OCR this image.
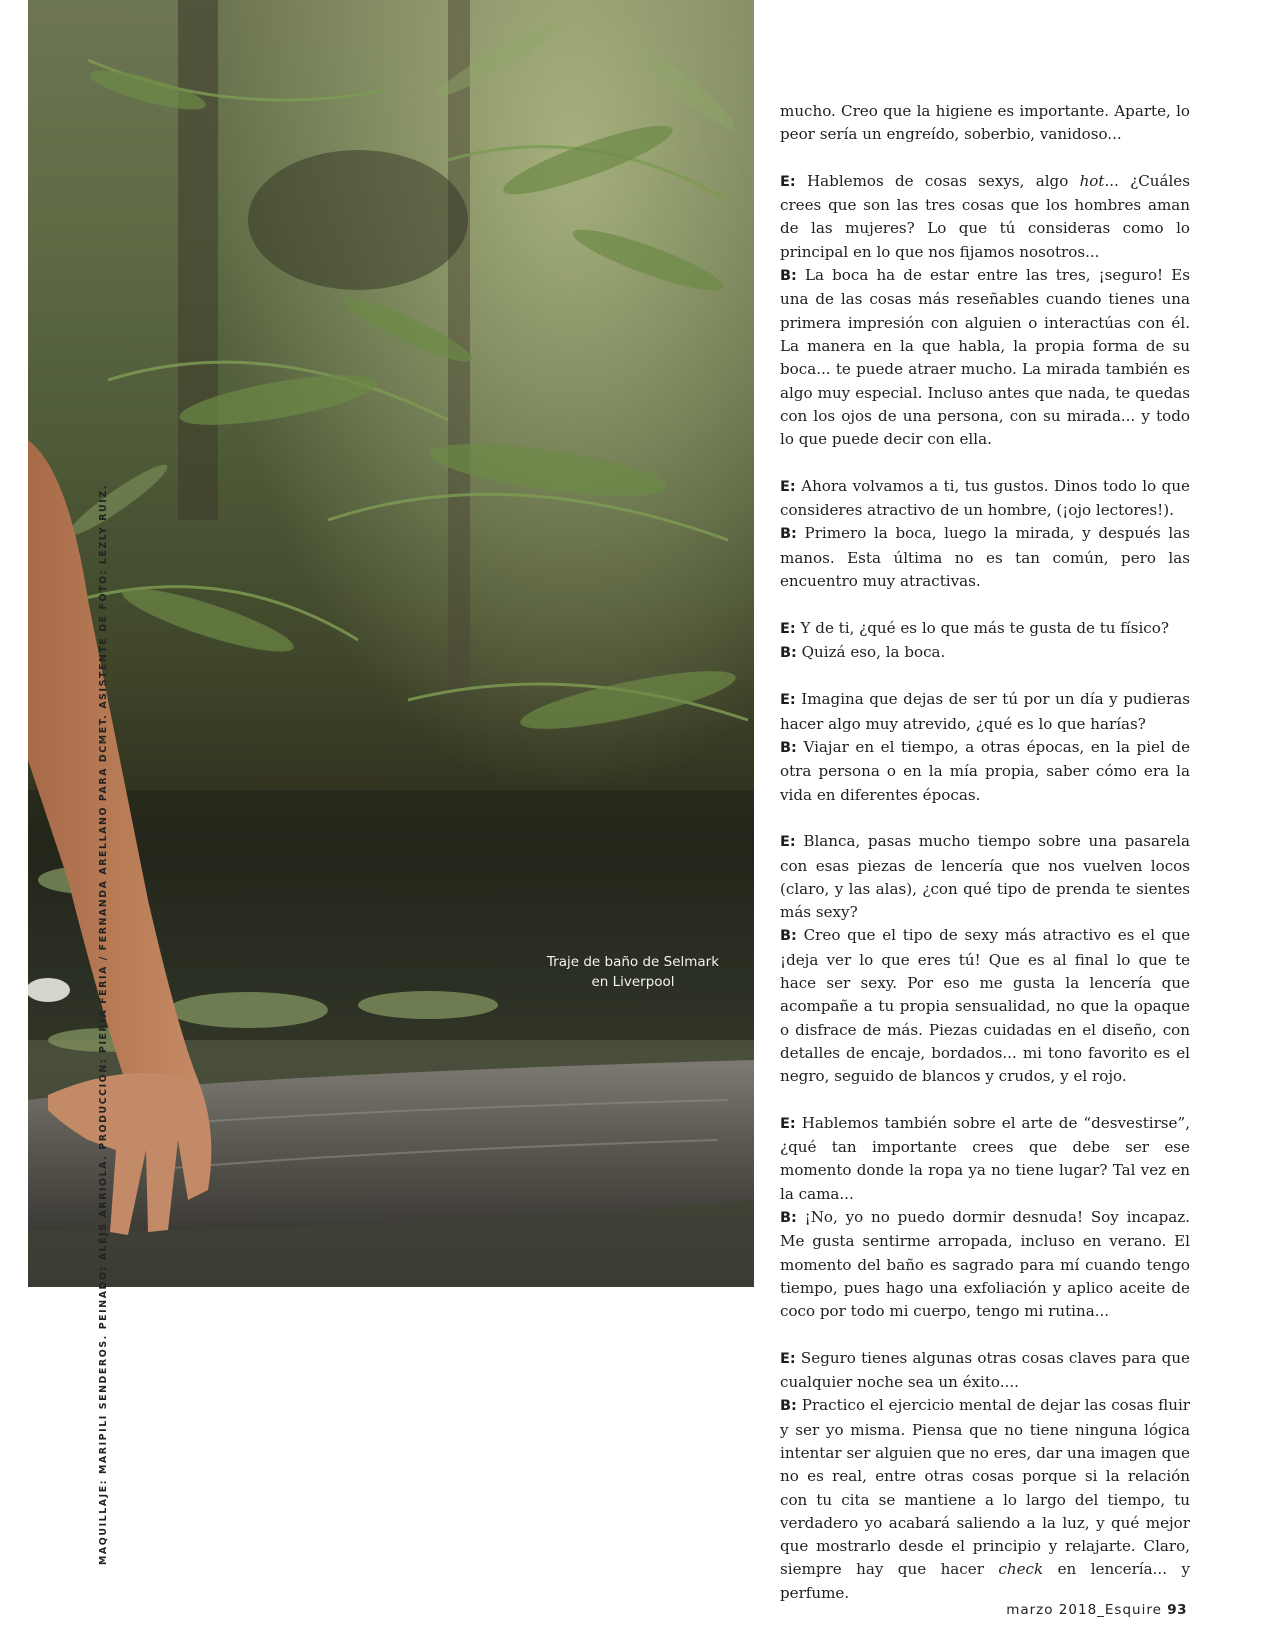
Traje de baño de Selmark
en Liverpool
MAQUILLAJE: MARIPILI SENDEROS. PEINADO: ALEJS ARRIOLA. PRODUCCIÓN: PIERIA FERIA / FERNANDA ARELLANO PARA DCMET. ASISTENTE DE FOTO: LEZLY RUIZ.

mucho. Creo que la higiene es importante. Aparte, lo peor sería un engreído, soberbio, vanidoso...

E: Hablemos de cosas sexys, algo hot... ¿Cuáles crees que son las tres cosas que los hombres aman de las mujeres? Lo que tú consideras como lo principal en lo que nos fijamos nosotros...

B: La boca ha de estar entre las tres, ¡seguro! Es una de las cosas más reseñables cuando tienes una primera impresión con alguien o interactúas con él. La manera en la que habla, la propia forma de su boca... te puede atraer mucho. La mirada también es algo muy especial. Incluso antes que nada, te quedas con los ojos de una persona, con su mirada... y todo lo que puede decir con ella.

E: Ahora volvamos a ti, tus gustos. Dinos todo lo que consideres atractivo de un hombre, (¡ojo lectores!).

B: Primero la boca, luego la mirada, y después las manos. Esta última no es tan común, pero las encuentro muy atractivas.

E: Y de ti, ¿qué es lo que más te gusta de tu físico?

B: Quizá eso, la boca.

E: Imagina que dejas de ser tú por un día y pudieras hacer algo muy atrevido, ¿qué es lo que harías?

B: Viajar en el tiempo, a otras épocas, en la piel de otra persona o en la mía propia, saber cómo era la vida en diferentes épocas.

E: Blanca, pasas mucho tiempo sobre una pasarela con esas piezas de lencería que nos vuelven locos (claro, y las alas), ¿con qué tipo de prenda te sientes más sexy?

B: Creo que el tipo de sexy más atractivo es el que ¡deja ver lo que eres tú! Que es al final lo que te hace ser sexy. Por eso me gusta la lencería que acompañe a tu propia sensualidad, no que la opaque o disfrace de más. Piezas cuidadas en el diseño, con detalles de encaje, bordados... mi tono favorito es el negro, seguido de blancos y crudos, y el rojo.

E: Hablemos también sobre el arte de “desvestirse”, ¿qué tan importante crees que debe ser ese momento donde la ropa ya no tiene lugar? Tal vez en la cama...

B: ¡No, yo no puedo dormir desnuda! Soy incapaz. Me gusta sentirme arropada, incluso en verano. El momento del baño es sagrado para mí cuando tengo tiempo, pues hago una exfoliación y aplico aceite de coco por todo mi cuerpo, tengo mi rutina...

E: Seguro tienes algunas otras cosas claves para que cualquier noche sea un éxito....

B: Practico el ejercicio mental de dejar las cosas fluir y ser yo misma. Piensa que no tiene ninguna lógica intentar ser alguien que no eres, dar una imagen que no es real, entre otras cosas porque si la relación con tu cita se mantiene a lo largo del tiempo, tu verdadero yo acabará saliendo a la luz, y qué mejor que mostrarlo desde el principio y relajarte. Claro, siempre hay que hacer check en lencería... y perfume.

marzo 2018_Esquire 93
